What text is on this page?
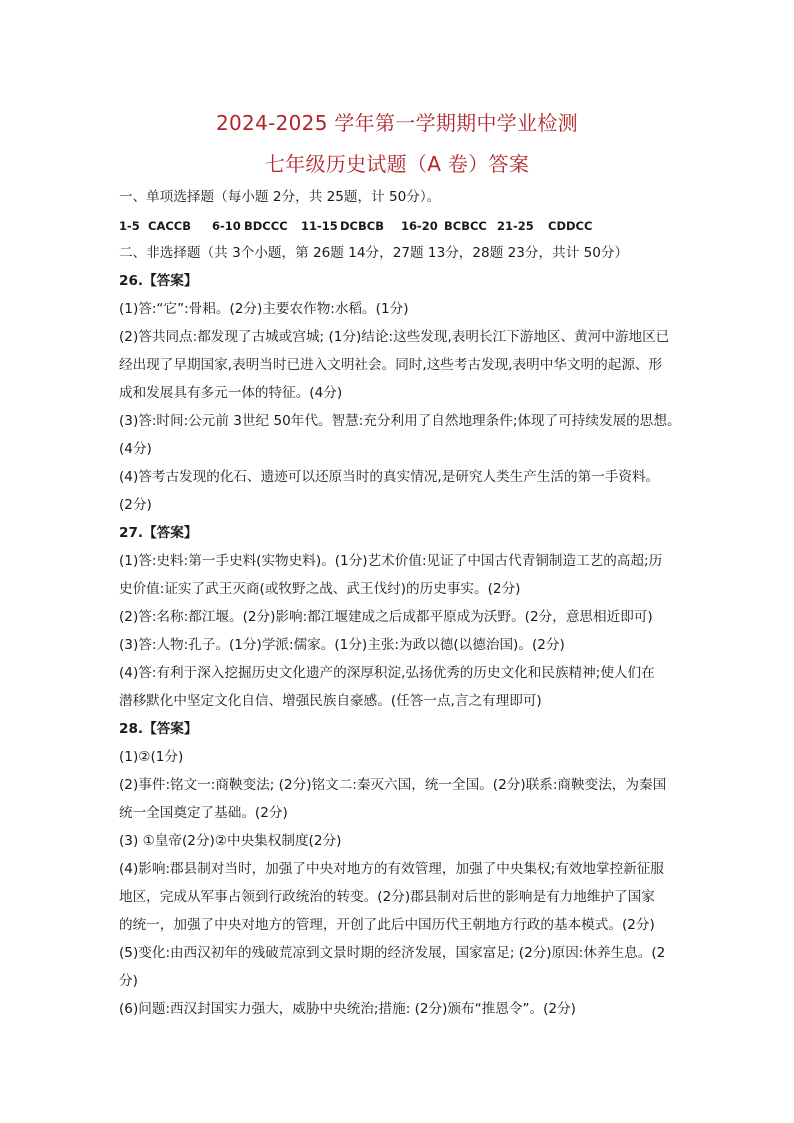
2024-2025 学年第一学期期中学业检测
七年级历史试题（A 卷）答案
一、单项选择题（每小题 2分，共 25题，计 50分）。
1-5 CACCB 6-10 BDCCC 11-15 DCBCB 16-20 BCBCC 21-25 CDDCC
二、非选择题（共 3个小题，第 26题 14分，27题 13分，28题 23分，共计 50分）
26.【答案】
(1)答:“它”:骨耜。(2分)主要农作物:水稻。(1分)
(2)答共同点:都发现了古城或宫城; (1分)结论:这些发现,表明长江下游地区、黄河中游地区已
经出现了早期国家,表明当时已进入文明社会。同时,这些考古发现,表明中华文明的起源、形
成和发展具有多元一体的特征。(4分)
(3)答:时间:公元前 3世纪 50年代。智慧:充分利用了自然地理条件;体现了可持续发展的思想。
(4分)
(4)答考古发现的化石、遗迹可以还原当时的真实情况,是研究人类生产生活的第一手资料。
(2分)
27.【答案】
(1)答:史料:第一手史料(实物史料)。(1分)艺术价值:见证了中国古代青铜制造工艺的高超;历
史价值:证实了武王灭商(或牧野之战、武王伐纣)的历史事实。(2分)
(2)答:名称:都江堰。(2分)影响:都江堰建成之后成都平原成为沃野。(2分，意思相近即可)
(3)答:人物:孔子。(1分)学派:儒家。(1分)主张:为政以德(以德治国)。(2分)
(4)答:有利于深入挖掘历史文化遗产的深厚积淀,弘扬优秀的历史文化和民族精神;使人们在
潜移默化中坚定文化自信、增强民族自豪感。(任答一点,言之有理即可)
28.【答案】
(1)②(1分)
(2)事件:铭文一:商鞅变法; (2分)铭文二:秦灭六国，统一全国。(2分)联系:商鞅变法，为秦国
统一全国奠定了基础。(2分)
(3) ①皇帝(2分)②中央集权制度(2分)
(4)影响:郡县制对当时，加强了中央对地方的有效管理，加强了中央集权;有效地掌控新征服
地区，完成从军事占领到行政统治的转变。(2分)郡县制对后世的影响是有力地维护了国家
的统一，加强了中央对地方的管理，开创了此后中国历代王朝地方行政的基本模式。(2分)
(5)变化:由西汉初年的残破荒凉到文景时期的经济发展，国家富足; (2分)原因:休养生息。(2
分)
(6)问题:西汉封国实力强大，威胁中央统治;措施: (2分)颁布“推恩令”。(2分)
